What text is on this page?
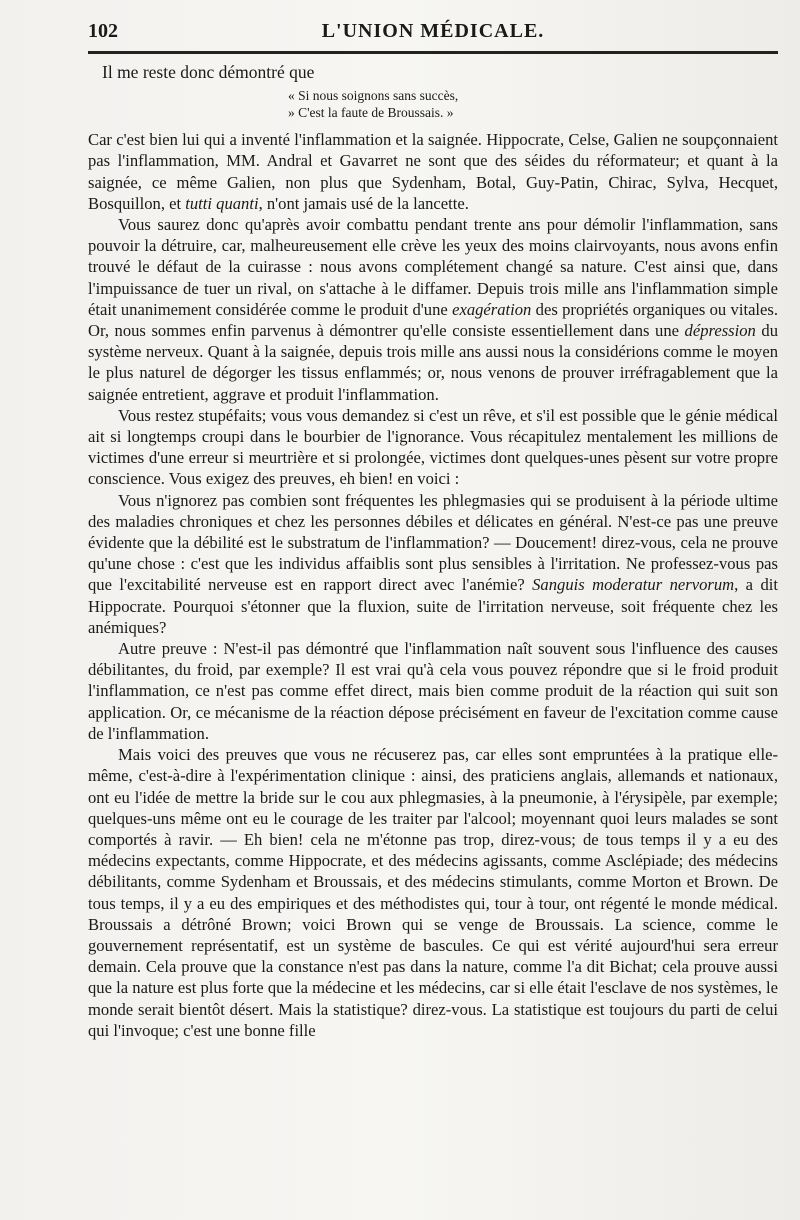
102	L'UNION MÉDICALE.

Il me reste donc démontré que

« Si nous soignons sans succès,
» C'est la faute de Broussais. »

Car c'est bien lui qui a inventé l'inflammation et la saignée. Hippocrate, Celse, Galien ne soupçonnaient pas l'inflammation, MM. Andral et Gavarret ne sont que des séides du réformateur; et quant à la saignée, ce même Galien, non plus que Sydenham, Botal, Guy-Patin, Chirac, Sylva, Hecquet, Bosquillon, et tutti quanti, n'ont jamais usé de la lancette.

Vous saurez donc qu'après avoir combattu pendant trente ans pour démolir l'inflammation, sans pouvoir la détruire, car, malheureusement elle crève les yeux des moins clairvoyants, nous avons enfin trouvé le défaut de la cuirasse : nous avons complétement changé sa nature. C'est ainsi que, dans l'impuissance de tuer un rival, on s'attache à le diffamer. Depuis trois mille ans l'inflammation simple était unanimement considérée comme le produit d'une exagération des propriétés organiques ou vitales. Or, nous sommes enfin parvenus à démontrer qu'elle consiste essentiellement dans une dépression du système nerveux. Quant à la saignée, depuis trois mille ans aussi nous la considérions comme le moyen le plus naturel de dégorger les tissus enflammés; or, nous venons de prouver irréfragablement que la saignée entretient, aggrave et produit l'inflammation.

Vous restez stupéfaits; vous vous demandez si c'est un rêve, et s'il est possible que le génie médical ait si longtemps croupi dans le bourbier de l'ignorance. Vous récapitulez mentalement les millions de victimes d'une erreur si meurtrière et si prolongée, victimes dont quelques-unes pèsent sur votre propre conscience. Vous exigez des preuves, eh bien! en voici :

Vous n'ignorez pas combien sont fréquentes les phlegmasies qui se produisent à la période ultime des maladies chroniques et chez les personnes débiles et délicates en général. N'est-ce pas une preuve évidente que la débilité est le substratum de l'inflammation? — Doucement! direz-vous, cela ne prouve qu'une chose : c'est que les individus affaiblis sont plus sensibles à l'irritation. Ne professez-vous pas que l'excitabilité nerveuse est en rapport direct avec l'anémie? Sanguis moderatur nervorum, a dit Hippocrate. Pourquoi s'étonner que la fluxion, suite de l'irritation nerveuse, soit fréquente chez les anémiques?

Autre preuve : N'est-il pas démontré que l'inflammation naît souvent sous l'influence des causes débilitantes, du froid, par exemple? Il est vrai qu'à cela vous pouvez répondre que si le froid produit l'inflammation, ce n'est pas comme effet direct, mais bien comme produit de la réaction qui suit son application. Or, ce mécanisme de la réaction dépose précisément en faveur de l'excitation comme cause de l'inflammation.

Mais voici des preuves que vous ne récuserez pas, car elles sont empruntées à la pratique elle-même, c'est-à-dire à l'expérimentation clinique : ainsi, des praticiens anglais, allemands et nationaux, ont eu l'idée de mettre la bride sur le cou aux phlegmasies, à la pneumonie, à l'érysipèle, par exemple; quelques-uns même ont eu le courage de les traiter par l'alcool; moyennant quoi leurs malades se sont comportés à ravir. — Eh bien! cela ne m'étonne pas trop, direz-vous; de tous temps il y a eu des médecins expectants, comme Hippocrate, et des médecins agissants, comme Asclépiade; des médecins débilitants, comme Sydenham et Broussais, et des médecins stimulants, comme Morton et Brown. De tous temps, il y a eu des empiriques et des méthodistes qui, tour à tour, ont régenté le monde médical. Broussais a détrôné Brown; voici Brown qui se venge de Broussais. La science, comme le gouvernement représentatif, est un système de bascules. Ce qui est vérité aujourd'hui sera erreur demain. Cela prouve que la constance n'est pas dans la nature, comme l'a dit Bichat; cela prouve aussi que la nature est plus forte que la médecine et les médecins, car si elle était l'esclave de nos systèmes, le monde serait bientôt désert. Mais la statistique? direz-vous. La statistique est toujours du parti de celui qui l'invoque; c'est une bonne fille
